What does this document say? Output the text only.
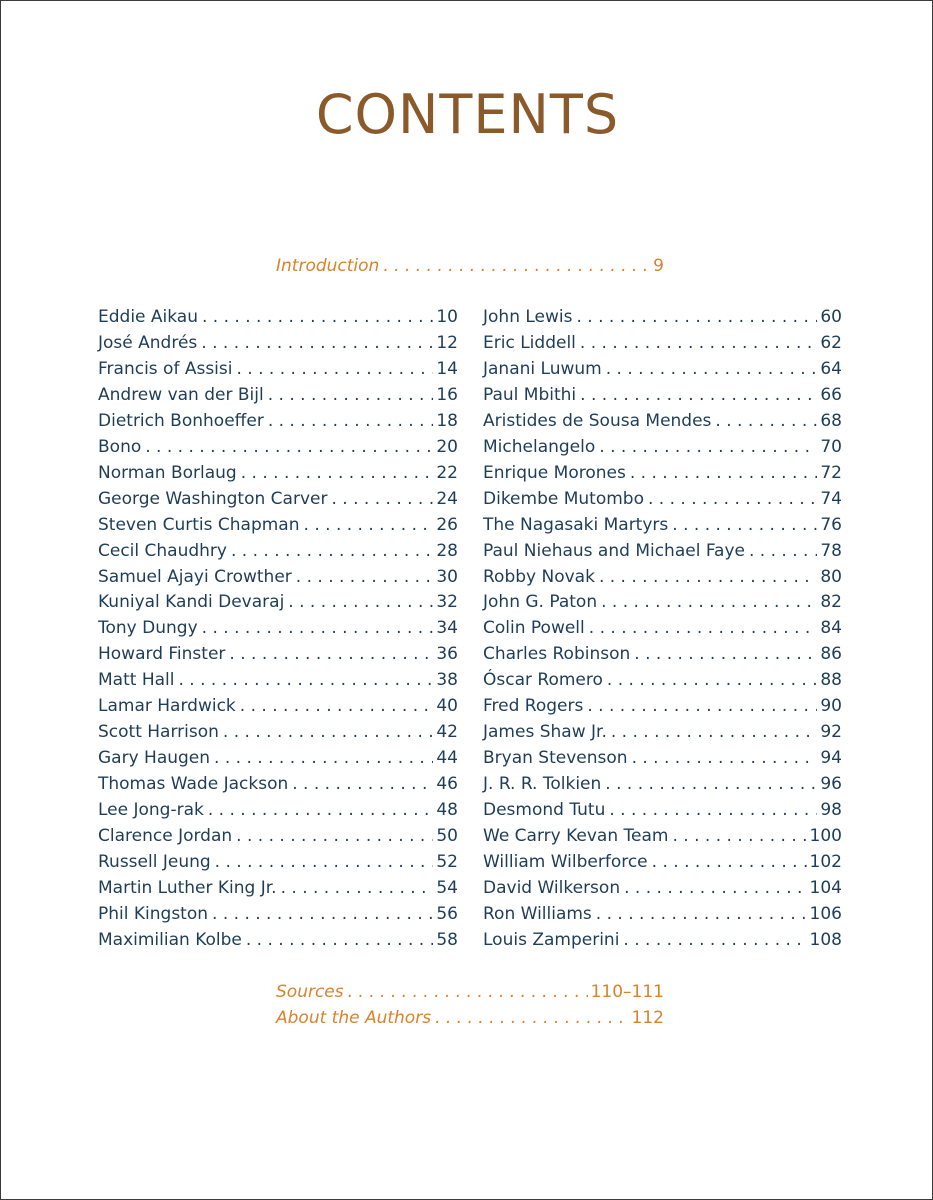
CONTENTS
Introduction . . .	9
Eddie Aikau . . .	10
José Andrés . . .	12
Francis of Assisi . . .	14
Andrew van der Bijl . . .	16
Dietrich Bonhoeffer . . .	18
Bono . . .	20
Norman Borlaug . . .	22
George Washington Carver . . .	24
Steven Curtis Chapman . . .	26
Cecil Chaudhry . . .	28
Samuel Ajayi Crowther . . .	30
Kuniyal Kandi Devaraj . . .	32
Tony Dungy . . .	34
Howard Finster . . .	36
Matt Hall . . .	38
Lamar Hardwick . . .	40
Scott Harrison . . .	42
Gary Haugen . . .	44
Thomas Wade Jackson . . .	46
Lee Jong-rak . . .	48
Clarence Jordan . . .	50
Russell Jeung . . .	52
Martin Luther King Jr. . . .	54
Phil Kingston . . .	56
Maximilian Kolbe . . .	58
John Lewis . . .	60
Eric Liddell . . .	62
Janani Luwum . . .	64
Paul Mbithi . . .	66
Aristides de Sousa Mendes . . .	68
Michelangelo . . .	70
Enrique Morones . . .	72
Dikembe Mutombo . . .	74
The Nagasaki Martyrs . . .	76
Paul Niehaus and Michael Faye . . .	78
Robby Novak . . .	80
John G. Paton . . .	82
Colin Powell . . .	84
Charles Robinson . . .	86
Óscar Romero . . .	88
Fred Rogers . . .	90
James Shaw Jr. . . .	92
Bryan Stevenson . . .	94
J. R. R. Tolkien . . .	96
Desmond Tutu . . .	98
We Carry Kevan Team . . .	100
William Wilberforce . . .	102
David Wilkerson . . .	104
Ron Williams . . .	106
Louis Zamperini . . .	108
Sources . . .	110–111
About the Authors . . .	112
